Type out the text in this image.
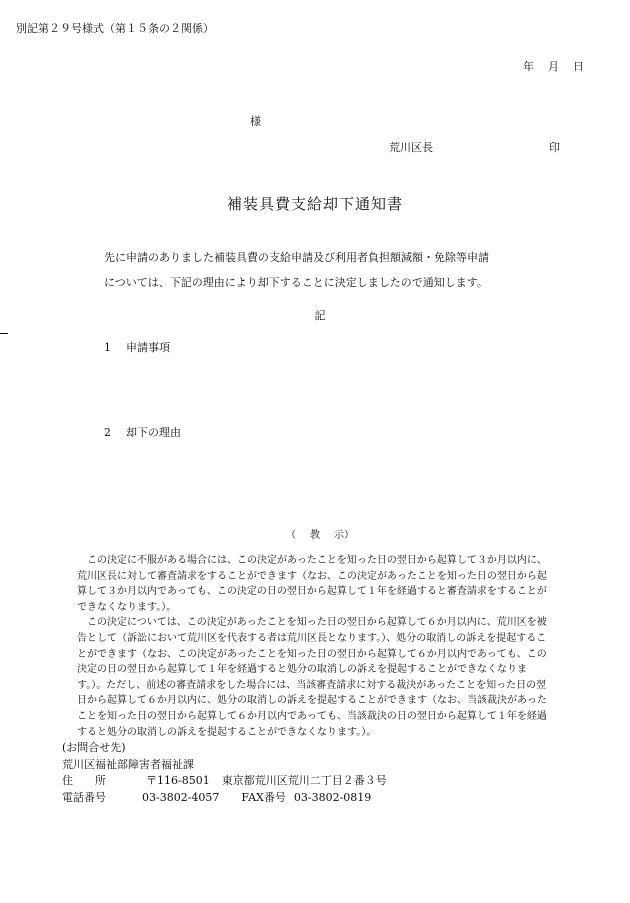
別記第２９号様式（第１５条の２関係）
年 月 日
様
荒川区長	印
補装具費支給却下通知書

先に申請のありました補装具費の支給申請及び利用者負担額減額・免除等申請

については、下記の理由により却下することに決定しましたので通知します。

記
1 申請事項
2 却下の理由
（教示）

この決定に不服がある場合には、この決定があったことを知った日の翌日から起算して３か月以内に、荒川区長に対して審査請求をすることができます（なお、この決定があったことを知った日の翌日から起算して３か月以内であっても、この決定の日の翌日から起算して１年を経過すると審査請求をすることができなくなります。）。

この決定については、この決定があったことを知った日の翌日から起算して６か月以内に、荒川区を被告として（訴訟において荒川区を代表する者は荒川区長となります。）、処分の取消しの訴えを提起することができます（なお、この決定があったことを知った日の翌日から起算して６か月以内であっても、この決定の日の翌日から起算して１年を経過すると処分の取消しの訴えを提起することができなくなります。）。ただし、前述の審査請求をした場合には、当該審査請求に対する裁決があったことを知った日の翌日から起算して６か月以内に、処分の取消しの訴えを提起することができます（なお、当該裁決があったことを知った日の翌日から起算して６か月以内であっても、当該裁決の日の翌日から起算して１年を経過すると処分の取消しの訴えを提起することができなくなります。）。

(お問合せ先)
荒川区福祉部障害者福祉課
住　　所	〒116-8501 東京都荒川区荒川二丁目２番３号
電話番号	03-3802-4057 FAX番号 03-3802-0819
